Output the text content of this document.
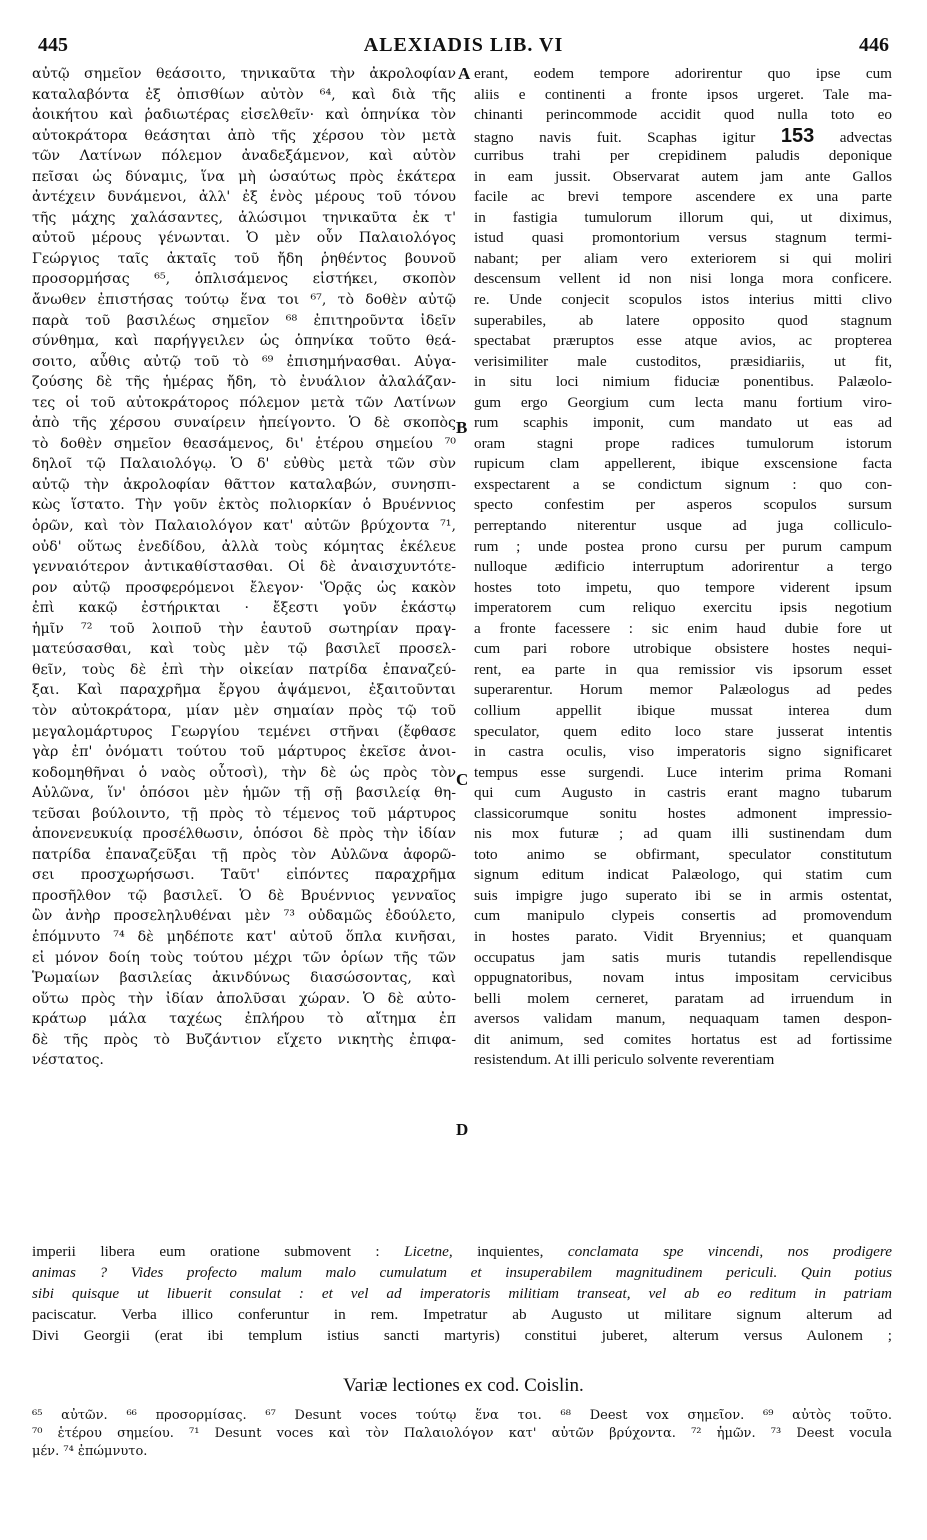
445	ALEXIADIS LIB. VI	446
αὐτῷ σημεῖον θεάσοιτο, τηνικαῦτα τὴν ἀκρολοφίαν
καταλαβόντα ἐξ ὀπισθίων αὐτὸν ⁶⁴, καὶ διὰ τῆς
ἀοικήτου καὶ ῥαδιωτέρας εἰσελθεῖν· καὶ ὁπηνίκα τὸν
αὐτοκράτορα θεάσηται ἀπὸ τῆς χέρσου τὸν μετὰ
τῶν Λατίνων πόλεμον ἀναδεξάμενον, καὶ αὐτὸν
πεῖσαι ὡς δύναμις, ἵνα μὴ ὡσαύτως πρὸς ἑκάτερα
ἀντέχειν δυνάμενοι, ἀλλ' ἐξ ἑνὸς μέρους τοῦ τόνου
τῆς μάχης χαλάσαντες, ἁλώσιμοι τηνικαῦτα ἐκ τ'
αὐτοῦ μέρους γένωνται. Ὁ μὲν οὖν Παλαιολόγος
Γεώργιος ταῖς ἀκταῖς τοῦ ἤδη ῥηθέντος βουνοῦ
προσορμήσας ⁶⁵, ὁπλισάμενος εἱστήκει, σκοπὸν
ἄνωθεν ἐπιστήσας τούτῳ ἕνα τοι ⁶⁷, τὸ δοθὲν αὐτῷ
παρὰ τοῦ βασιλέως σημεῖον ⁶⁸ ἐπιτηροῦντα ἰδεῖν
σύνθημα, καὶ παρήγγειλεν ὡς ὁπηνίκα τοῦτο θεά-
σοιτο, αὖθις αὐτῷ τοῦ τὸ ⁶⁹ ἐπισημήνασθαι. Αὐγα-
ζούσης δὲ τῆς ἡμέρας ἤδη, τὸ ἐνυάλιον ἀλαλάζαν-
τες οἱ τοῦ αὐτοκράτορος πόλεμον μετὰ τῶν Λατίνων
ἀπὸ τῆς χέρσου συναίρειν ἠπείγοντο. Ὁ δὲ σκοπὸς
τὸ δοθὲν σημεῖον θεασάμενος, δι' ἑτέρου σημείου ⁷⁰
δηλοῖ τῷ Παλαιολόγῳ. Ὁ δ' εὐθὺς μετὰ τῶν σὺν
αὐτῷ τὴν ἀκρολοφίαν θᾶττον καταλαβών, συνησπι-
κὼς ἵστατο. Τὴν γοῦν ἐκτὸς πολιορκίαν ὁ Βρυέννιος
ὁρῶν, καὶ τὸν Παλαιολόγον κατ' αὐτῶν βρύχοντα ⁷¹,
οὐδ' οὕτως ἐνεδίδου, ἀλλὰ τοὺς κόμητας ἐκέλευε
γενναιότερον ἀντικαθίστασθαι. Οἱ δὲ ἀναισχυντότε-
ρον αὐτῷ προσφερόμενοι ἔλεγον· ‛Ὁρᾷς ὡς κακὸν
ἐπὶ κακῷ ἐστήρικται · ἔξεστι γοῦν ἑκάστῳ
ἡμῖν ⁷² τοῦ λοιποῦ τὴν ἑαυτοῦ σωτηρίαν πραγ-
ματεύσασθαι, καὶ τοὺς μὲν τῷ βασιλεῖ προσελ-
θεῖν, τοὺς δὲ ἐπὶ τὴν οἰκείαν πατρίδα ἐπαναζεύ-
ξαι. Καὶ παραχρῆμα ἔργου ἁψάμενοι, ἐξαιτοῦνται
τὸν αὐτοκράτορα, μίαν μὲν σημαίαν πρὸς τῷ τοῦ
μεγαλομάρτυρος Γεωργίου τεμένει στῆναι (ἔφθασε
γὰρ ἐπ' ὀνόματι τούτου τοῦ μάρτυρος ἐκεῖσε ἀνοι-
κοδομηθῆναι ὁ ναὸς οὗτοσὶ), τὴν δὲ ὡς πρὸς τὸν
Αὐλῶνα, ἵν' ὁπόσοι μὲν ἡμῶν τῇ σῇ βασιλείᾳ θη-
τεῦσαι βούλοιντο, τῇ πρὸς τὸ τέμενος τοῦ μάρτυρος
ἀπονενευκυίᾳ προσέλθωσιν, ὁπόσοι δὲ πρὸς τὴν ἰδίαν
πατρίδα ἐπαναζεῦξαι τῇ πρὸς τὸν Αὐλῶνα ἀφορῶ-
σει προσχωρήσωσι. Ταῦτ' εἰπόντες παραχρῆμα
προσῆλθον τῷ βασιλεῖ. Ὁ δὲ Βρυέννιος γενναῖος
ὢν ἀνὴρ προσεληλυθέναι μὲν ⁷³ οὐδαμῶς ἐδούλετο,
ἑπόμνυτο ⁷⁴ δὲ μηδέποτε κατ' αὐτοῦ ὅπλα κινῆσαι,
εἰ μόνον δοίη τοὺς τούτου μέχρι τῶν ὁρίων τῆς τῶν
Ῥωμαίων βασιλείας ἀκινδύνως διασώσοντας, καὶ
οὕτω πρὸς τὴν ἰδίαν ἀπολῦσαι χώραν. Ὁ δὲ αὐτο-
κράτωρ μάλα ταχέως ἐπλήρου τὸ αἴτημα ἐπ
δὲ τῆς πρὸς τὸ Βυζάντιον εἴχετο νικητὴς ἐπιφα-
νέστατος.
erant, eodem tempore adorirentur quo ipse cum
aliis e continenti a fronte ipsos urgeret. Tale ma-
chinanti perincommode accidit quod nulla toto eo
stagno navis fuit. Scaphas igitur 153 advectas
curribus trahi per crepidinem paludis deponique
in eam jussit. Observarat autem jam ante Gallos
facile ac brevi tempore ascendere ex una parte
in fastigia tumulorum illorum qui, ut diximus,
istud quasi promontorium versus stagnum termi-
nabant; per aliam vero exteriorem si qui moliri
descensum vellent id non nisi longa mora conficere.
re. Unde conjecit scopulos istos interius mitti clivo
superabiles, ab latere opposito quod stagnum
spectabat præruptos esse atque avios, ac propterea
verisimiliter male custoditos, præsidiariis, ut fit,
in situ loci nimium fiduciæ ponentibus. Palæolo-
gum ergo Georgium cum lecta manu fortium viro-
rum scaphis imponit, cum mandato ut eas ad
oram stagni prope radices tumulorum istorum
rupicum clam appellerent, ibique exscensione facta
exspectarent a se condictum signum : quo con-
specto confestim per asperos scopulos sursum
perreptando niterentur usque ad juga colliculo-
rum ; unde postea prono cursu per purum campum
nulloque ædificio interruptum adorirentur a tergo
hostes toto impetu, quo tempore viderent ipsum
imperatorem cum reliquo exercitu ipsis negotium
a fronte facessere : sic enim haud dubie fore ut
cum pari robore utrobique obsistere hostes nequi-
rent, ea parte in qua remissior vis ipsorum esset
superarentur. Horum memor Palæologus ad pedes
collium appellit ibique mussat interea dum
speculator, quem edito loco stare jusserat intentis
in castra oculis, viso imperatoris signo significaret
tempus esse surgendi. Luce interim prima Romani
qui cum Augusto in castris erant magno tubarum
classicorumque sonitu hostes admonent impressio-
nis mox futuræ ; ad quam illi sustinendam dum
toto animo se obfirmant, speculator constitutum
signum editum indicat Palæologo, qui statim cum
suis impigre jugo superato ibi se in armis ostentat,
cum manipulo clypeis consertis ad promovendum
in hostes parato. Vidit Bryennius; et quanquam
occupatus jam satis muris tutandis repellendisque
oppugnatoribus, novam intus impositam cervicibus
belli molem cerneret, paratam ad irruendum in
aversos validam manum, nequaquam tamen despon-
dit animum, sed comites hortatus est ad fortissime
resistendum. At illi periculo solvente reverentiam
A
B
C
D
imperii libera eum oratione submovent : Licetne, inquientes, conclamata spe vincendi, nos prodigere
animas ? Vides profecto malum malo cumulatum et insuperabilem magnitudinem periculi. Quin potius
sibi quisque ut libuerit consulat : et vel ad imperatoris militiam transeat, vel ab eo reditum in patriam
paciscatur. Verba illico conferuntur in rem. Impetratur ab Augusto ut militare signum alterum ad
Divi Georgii (erat ibi templum istius sancti martyris) constitui juberet, alterum versus Aulonem ;
Variæ lectiones ex cod. Coislin.
⁶⁵ αὐτῶν. ⁶⁶ προσορμίσας. ⁶⁷ Desunt voces τούτῳ ἕνα τοι. ⁶⁸ Deest vox σημεῖον. ⁶⁹ αὐτὸς τοῦτο.
⁷⁰ ἑτέρου σημείου. ⁷¹ Desunt voces καὶ τὸν Παλαιολόγον κατ' αὐτῶν βρύχοντα. ⁷² ἡμῶν. ⁷³ Deest vocula
μέν. ⁷⁴ ἐπώμνυτο.
